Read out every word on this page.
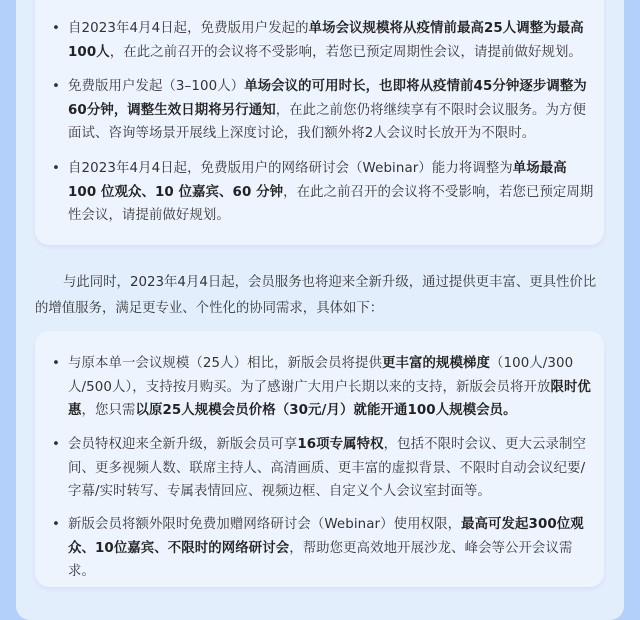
• 自2023年4月4日起，免费版用户发起的单场会议规模将从疫情前最高25人调整为最高100人，在此之前召开的会议将不受影响，若您已预定周期性会议，请提前做好规划。
• 免费版用户发起（3–100人）单场会议的可用时长，也即将从疫情前45分钟逐步调整为60分钟，调整生效日期将另行通知，在此之前您仍将继续享有不限时会议服务。为方便面试、咨询等场景开展线上深度讨论，我们额外将2人会议时长放开为不限时。
• 自2023年4月4日起，免费版用户的网络研讨会（Webinar）能力将调整为单场最高 100 位观众、10 位嘉宾、60 分钟，在此之前召开的会议将不受影响，若您已预定周期性会议，请提前做好规划。
与此同时，2023年4月4日起，会员服务也将迎来全新升级，通过提供更丰富、更具性价比的增值服务，满足更专业、个性化的协同需求，具体如下：
• 与原本单一会议规模（25人）相比，新版会员将提供更丰富的规模梯度（100人/300人/500人），支持按月购买。为了感谢广大用户长期以来的支持，新版会员将开放限时优惠，您只需以原25人规模会员价格（30元/月）就能开通100人规模会员。
• 会员特权迎来全新升级，新版会员可享16项专属特权，包括不限时会议、更大云录制空间、更多视频人数、联席主持人、高清画质、更丰富的虚拟背景、不限时自动会议纪要/字幕/实时转写、专属表情回应、视频边框、自定义个人会议室封面等。
• 新版会员将额外限时免费加赠网络研讨会（Webinar）使用权限，最高可发起300位观众、10位嘉宾、不限时的网络研讨会，帮助您更高效地开展沙龙、峰会等公开会议需求。
